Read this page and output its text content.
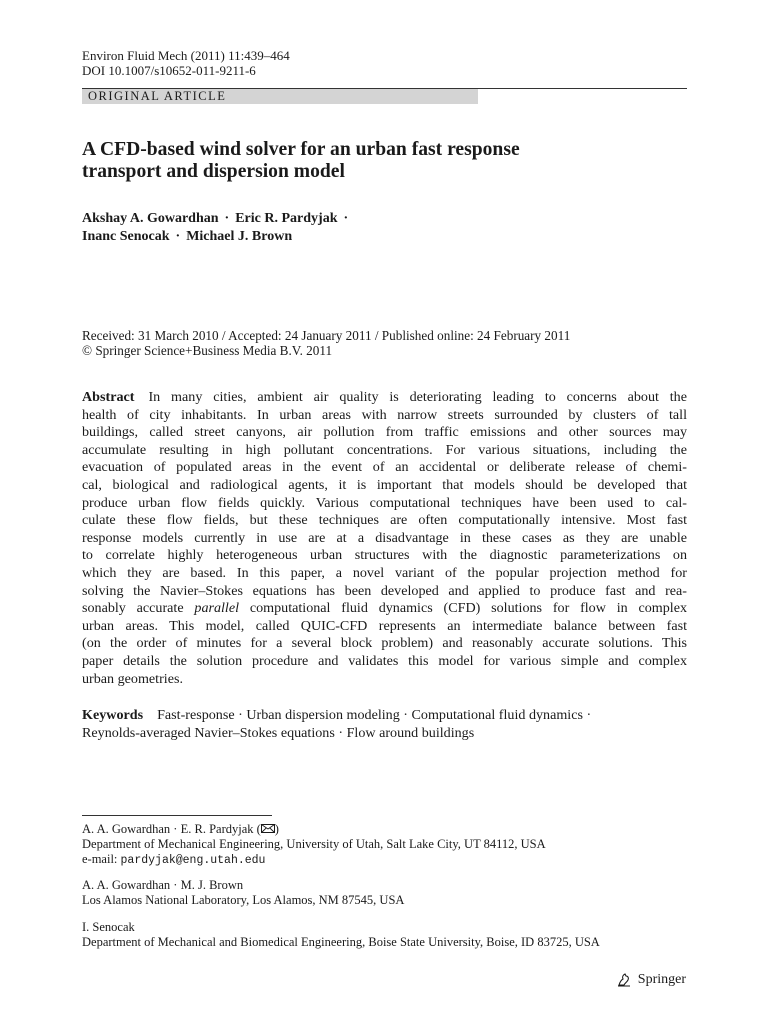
Environ Fluid Mech (2011) 11:439–464
DOI 10.1007/s10652-011-9211-6
ORIGINAL ARTICLE
A CFD-based wind solver for an urban fast response
transport and dispersion model
Akshay A. Gowardhan · Eric R. Pardyjak ·
Inanc Senocak · Michael J. Brown
Received: 31 March 2010 / Accepted: 24 January 2011 / Published online: 24 February 2011
© Springer Science+Business Media B.V. 2011
Abstract In many cities, ambient air quality is deteriorating leading to concerns about the
health of city inhabitants. In urban areas with narrow streets surrounded by clusters of tall
buildings, called street canyons, air pollution from traffic emissions and other sources may
accumulate resulting in high pollutant concentrations. For various situations, including the
evacuation of populated areas in the event of an accidental or deliberate release of chemi-
cal, biological and radiological agents, it is important that models should be developed that
produce urban flow fields quickly. Various computational techniques have been used to cal-
culate these flow fields, but these techniques are often computationally intensive. Most fast
response models currently in use are at a disadvantage in these cases as they are unable
to correlate highly heterogeneous urban structures with the diagnostic parameterizations on
which they are based. In this paper, a novel variant of the popular projection method for
solving the Navier–Stokes equations has been developed and applied to produce fast and rea-
sonably accurate parallel computational fluid dynamics (CFD) solutions for flow in complex
urban areas. This model, called QUIC-CFD represents an intermediate balance between fast
(on the order of minutes for a several block problem) and reasonably accurate solutions. This
paper details the solution procedure and validates this model for various simple and complex
urban geometries.
Keywords Fast-response · Urban dispersion modeling · Computational fluid dynamics ·
Reynolds-averaged Navier–Stokes equations · Flow around buildings
A. A. Gowardhan · E. R. Pardyjak ( )
Department of Mechanical Engineering, University of Utah, Salt Lake City, UT 84112, USA
e-mail: pardyjak@eng.utah.edu
A. A. Gowardhan · M. J. Brown
Los Alamos National Laboratory, Los Alamos, NM 87545, USA
I. Senocak
Department of Mechanical and Biomedical Engineering, Boise State University, Boise, ID 83725, USA
Springer
